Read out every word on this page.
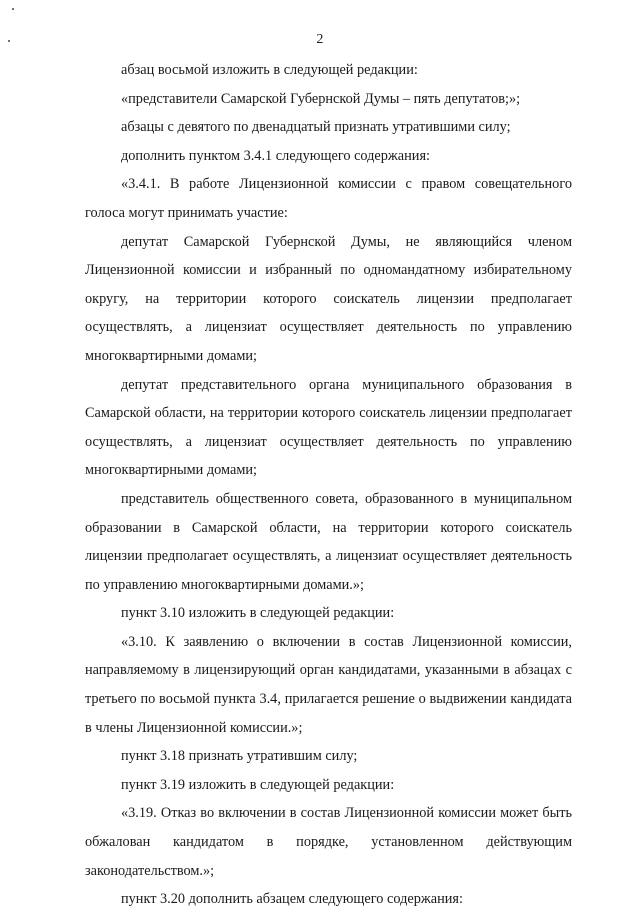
2

абзац восьмой изложить в следующей редакции:

«представители Самарской Губернской Думы – пять депутатов;»;

абзацы с девятого по двенадцатый признать утратившими силу;

дополнить пунктом 3.4.1 следующего содержания:

«3.4.1. В работе Лицензионной комиссии с правом совещательного голоса могут принимать участие:

депутат Самарской Губернской Думы, не являющийся членом Лицензионной комиссии и избранный по одномандатному избирательному округу, на территории которого соискатель лицензии предполагает осуществлять, а лицензиат осуществляет деятельность по управлению многоквартирными домами;

депутат представительного органа муниципального образования в Самарской области, на территории которого соискатель лицензии предполагает осуществлять, а лицензиат осуществляет деятельность по управлению многоквартирными домами;

представитель общественного совета, образованного в муниципальном образовании в Самарской области, на территории которого соискатель лицензии предполагает осуществлять, а лицензиат осуществляет деятельность по управлению многоквартирными домами.»;

пункт 3.10 изложить в следующей редакции:

«3.10. К заявлению о включении в состав Лицензионной комиссии, направляемому в лицензирующий орган кандидатами, указанными в абзацах с третьего по восьмой пункта 3.4, прилагается решение о выдвижении кандидата в члены Лицензионной комиссии.»;

пункт 3.18 признать утратившим силу;

пункт 3.19 изложить в следующей редакции:

«3.19. Отказ во включении в состав Лицензионной комиссии может быть обжалован кандидатом в порядке, установленном действующим законодательством.»;

пункт 3.20 дополнить абзацем следующего содержания:
